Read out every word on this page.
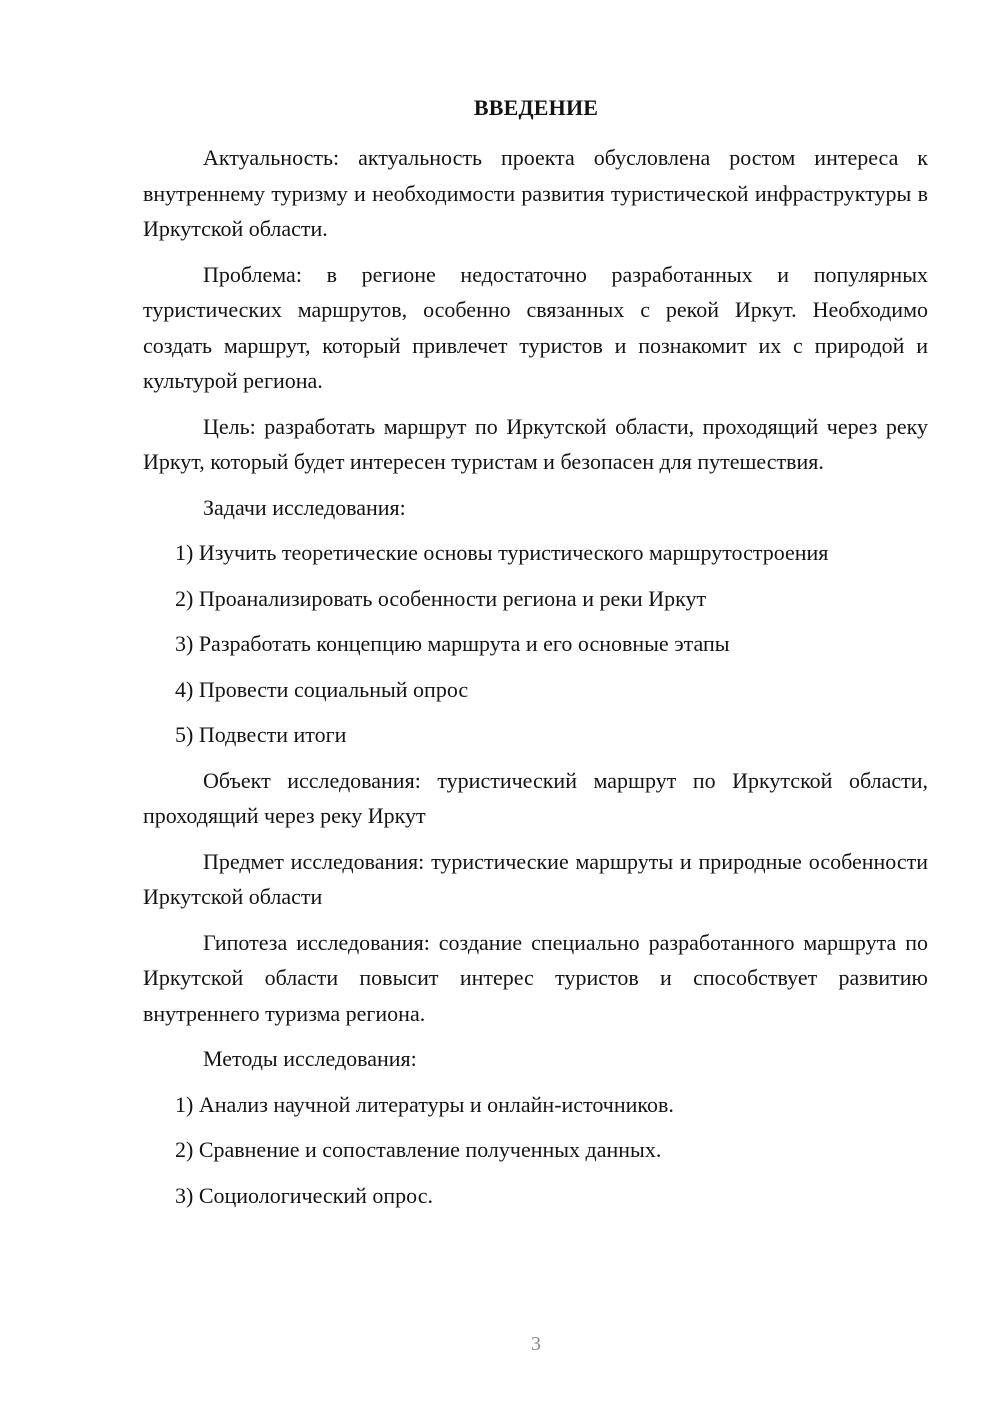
ВВЕДЕНИЕ

Актуальность: актуальность проекта обусловлена ростом интереса к внутреннему туризму и необходимости развития туристической инфраструктуры в Иркутской области.

Проблема: в регионе недостаточно разработанных и популярных туристических маршрутов, особенно связанных с рекой Иркут. Необходимо создать маршрут, который привлечет туристов и познакомит их с природой и культурой региона.

Цель: разработать маршрут по Иркутской области, проходящий через реку Иркут, который будет интересен туристам и безопасен для путешествия.

Задачи исследования:

1) Изучить теоретические основы туристического маршрутостроения

2) Проанализировать особенности региона и реки Иркут

3) Разработать концепцию маршрута и его основные этапы

4) Провести социальный опрос

5) Подвести итоги

Объект исследования: туристический маршрут по Иркутской области, проходящий через реку Иркут

Предмет исследования: туристические маршруты и природные особенности Иркутской области

Гипотеза исследования: создание специально разработанного маршрута по Иркутской области повысит интерес туристов и способствует развитию внутреннего туризма региона.

Методы исследования:

1) Анализ научной литературы и онлайн-источников.

2) Сравнение и сопоставление полученных данных.

3) Социологический опрос.

3
